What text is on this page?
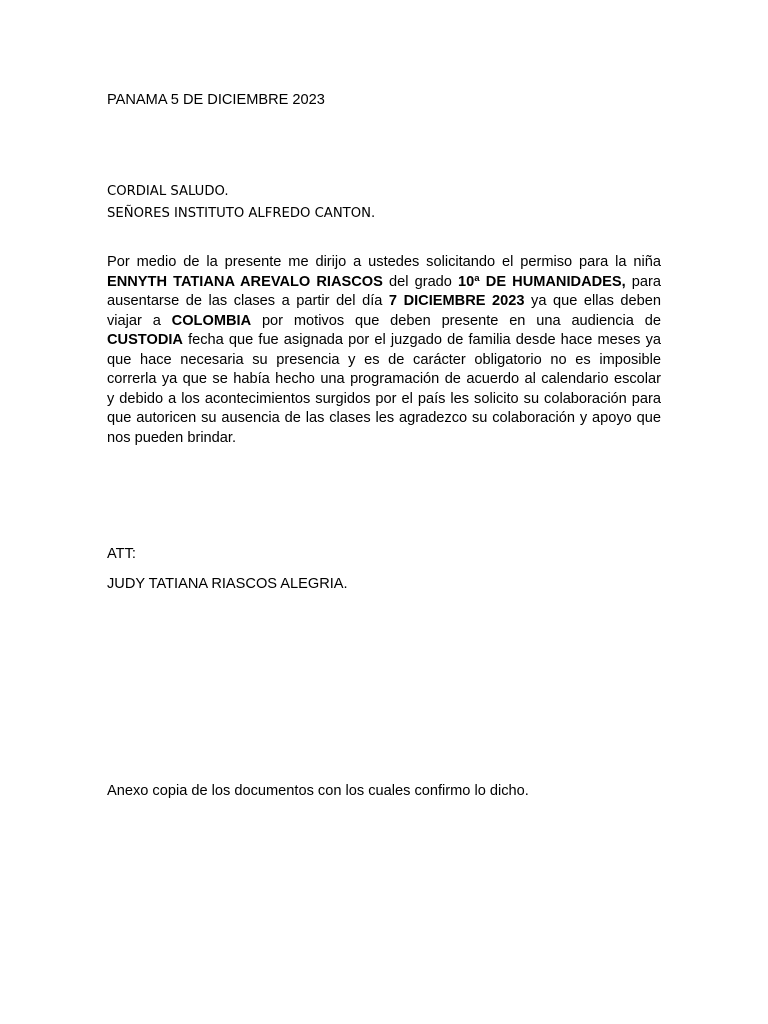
PANAMA 5 DE DICIEMBRE 2023

CORDIAL SALUDO.

SEÑORES INSTITUTO ALFREDO CANTON.

Por medio de la presente me dirijo a ustedes solicitando el permiso para la niña
ENNYTH TATIANA AREVALO RIASCOS del grado 10ª DE HUMANIDADES, para
ausentarse de las clases a partir del día 7 DICIEMBRE 2023 ya que ellas deben
viajar a COLOMBIA por motivos que deben presente en una audiencia de
CUSTODIA fecha que fue asignada por el juzgado de familia desde hace meses ya
que hace necesaria su presencia y es de carácter obligatorio no es imposible
correrla ya que se había hecho una programación de acuerdo al calendario escolar
y debido a los acontecimientos surgidos por el país les solicito su colaboración para
que autoricen su ausencia de las clases les agradezco su colaboración y apoyo que
nos pueden brindar.

ATT:

JUDY TATIANA RIASCOS ALEGRIA.

Anexo copia de los documentos con los cuales confirmo lo dicho.
